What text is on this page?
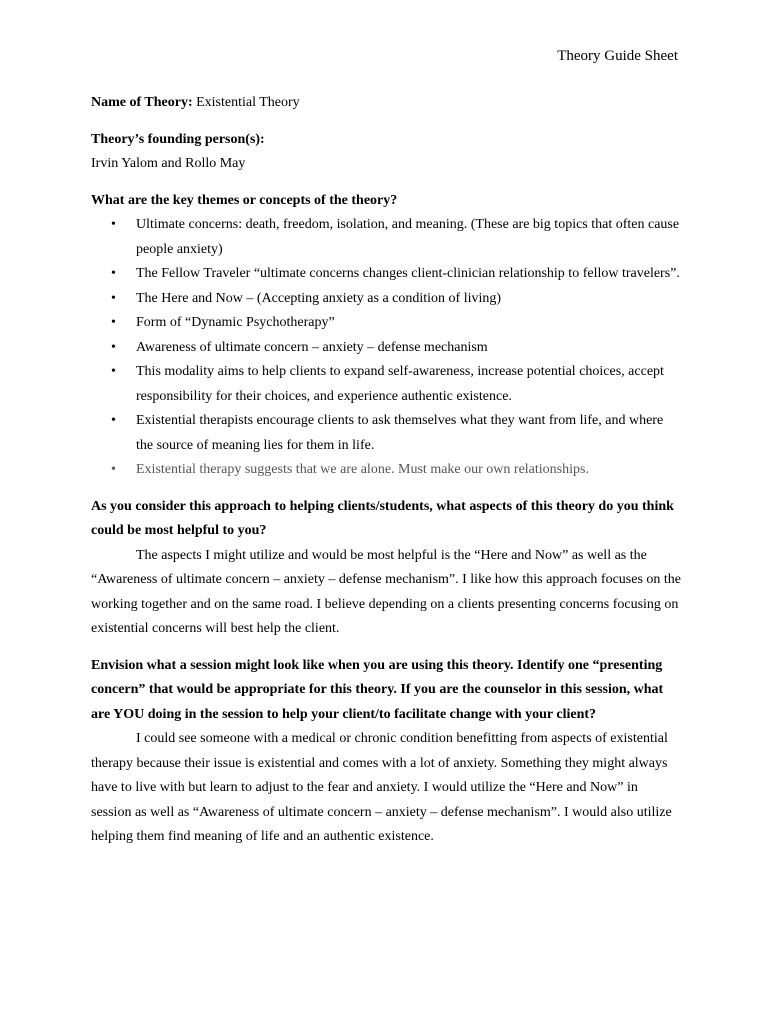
Theory Guide Sheet
Name of Theory: Existential Theory
Theory’s founding person(s):
Irvin Yalom and Rollo May

What are the key themes or concepts of the theory?

• Ultimate concerns: death, freedom, isolation, and meaning. (These are big topics that often cause people anxiety)
• The Fellow Traveler “ultimate concerns changes client-clinician relationship to fellow travelers”.
• The Here and Now – (Accepting anxiety as a condition of living)
• Form of “Dynamic Psychotherapy”
• Awareness of ultimate concern – anxiety – defense mechanism
• This modality aims to help clients to expand self-awareness, increase potential choices, accept responsibility for their choices, and experience authentic existence.
• Existential therapists encourage clients to ask themselves what they want from life, and where the source of meaning lies for them in life.
• Existential therapy suggests that we are alone. Must make our own relationships.

As you consider this approach to helping clients/students, what aspects of this theory do you think could be most helpful to you?

The aspects I might utilize and would be most helpful is the “Here and Now” as well as the “Awareness of ultimate concern – anxiety – defense mechanism”. I like how this approach focuses on the working together and on the same road. I believe depending on a clients presenting concerns focusing on existential concerns will best help the client.

Envision what a session might look like when you are using this theory. Identify one “presenting concern” that would be appropriate for this theory. If you are the counselor in this session, what are YOU doing in the session to help your client/to facilitate change with your client?

I could see someone with a medical or chronic condition benefitting from aspects of existential therapy because their issue is existential and comes with a lot of anxiety. Something they might always have to live with but learn to adjust to the fear and anxiety. I would utilize the “Here and Now” in session as well as “Awareness of ultimate concern – anxiety – defense mechanism”. I would also utilize helping them find meaning of life and an authentic existence.
